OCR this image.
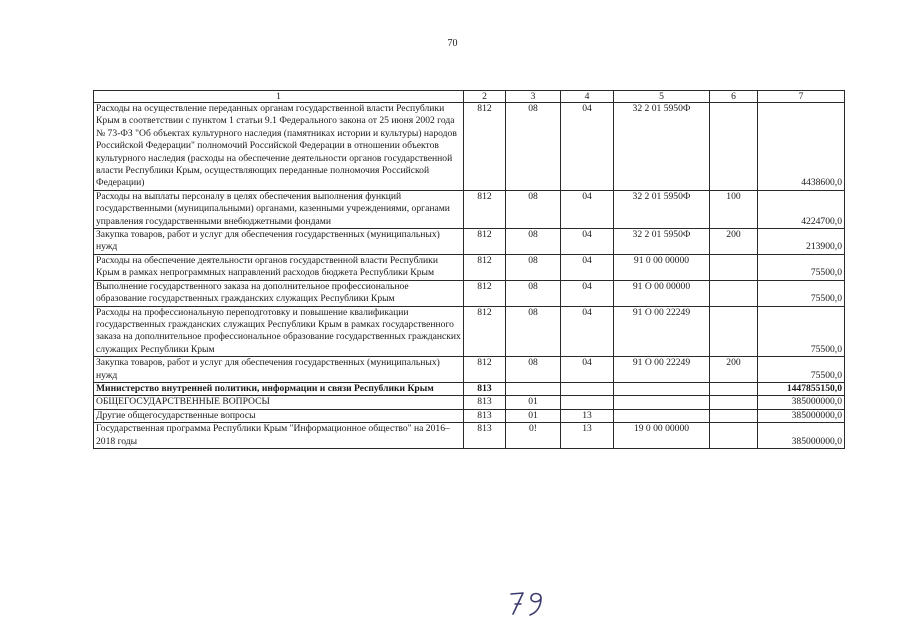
70
1	2	3	4	5	6	7
Расходы на осуществление переданных органам государственной власти Республики Крым в соответствии с пунктом 1 статьи 9.1 Федерального закона от 25 июня 2002 года № 73-ФЗ "Об объектах культурного наследия (памятниках истории и культуры) народов Российской Федерации" полномочий Российской Федерации в отношении объектов культурного наследия (расходы на обеспечение деятельности органов государственной власти Республики Крым, осуществляющих переданные полномочия Российской Федерации)	812	08	04	32 2 01 5950Ф		4438600,0
Расходы на выплаты персоналу в целях обеспечения выполнения функций государственными (муниципальными) органами, казенными учреждениями, органами управления государственными внебюджетными фондами	812	08	04	32 2 01 5950Ф	100	4224700,0
Закупка товаров, работ и услуг для обеспечения государственных (муниципальных) нужд	812	08	04	32 2 01 5950Ф	200	213900,0
Расходы на обеспечение деятельности органов государственной власти Республики Крым в рамках непрограммных направлений расходов бюджета Республики Крым	812	08	04	91 0 00 00000		75500,0
Выполнение государственного заказа на дополнительное профессиональное образование государственных гражданских служащих Республики Крым	812	08	04	91 О 00 00000		75500,0
Расходы на профессиональную переподготовку и повышение квалификации государственных гражданских служащих Республики Крым в рамках государственного заказа на дополнительное профессиональное образование государственных гражданских служащих Республики Крым	812	08	04	91 О 00 22249		75500,0
Закупка товаров, работ и услуг для обеспечения государственных (муниципальных) нужд	812	08	04	91 О 00 22249	200	75500,0
Министерство внутренней политики, информации и связи Республики Крым	813					1447855150,0
ОБЩЕГОСУДАРСТВЕННЫЕ ВОПРОСЫ	813	01				385000000,0
Другие общегосударственные вопросы	813	01	13			385000000,0
Государственная программа Республики Крым "Информационное общество" на 2016–2018 годы	813	0!	13	19 0 00 00000		385000000,0
